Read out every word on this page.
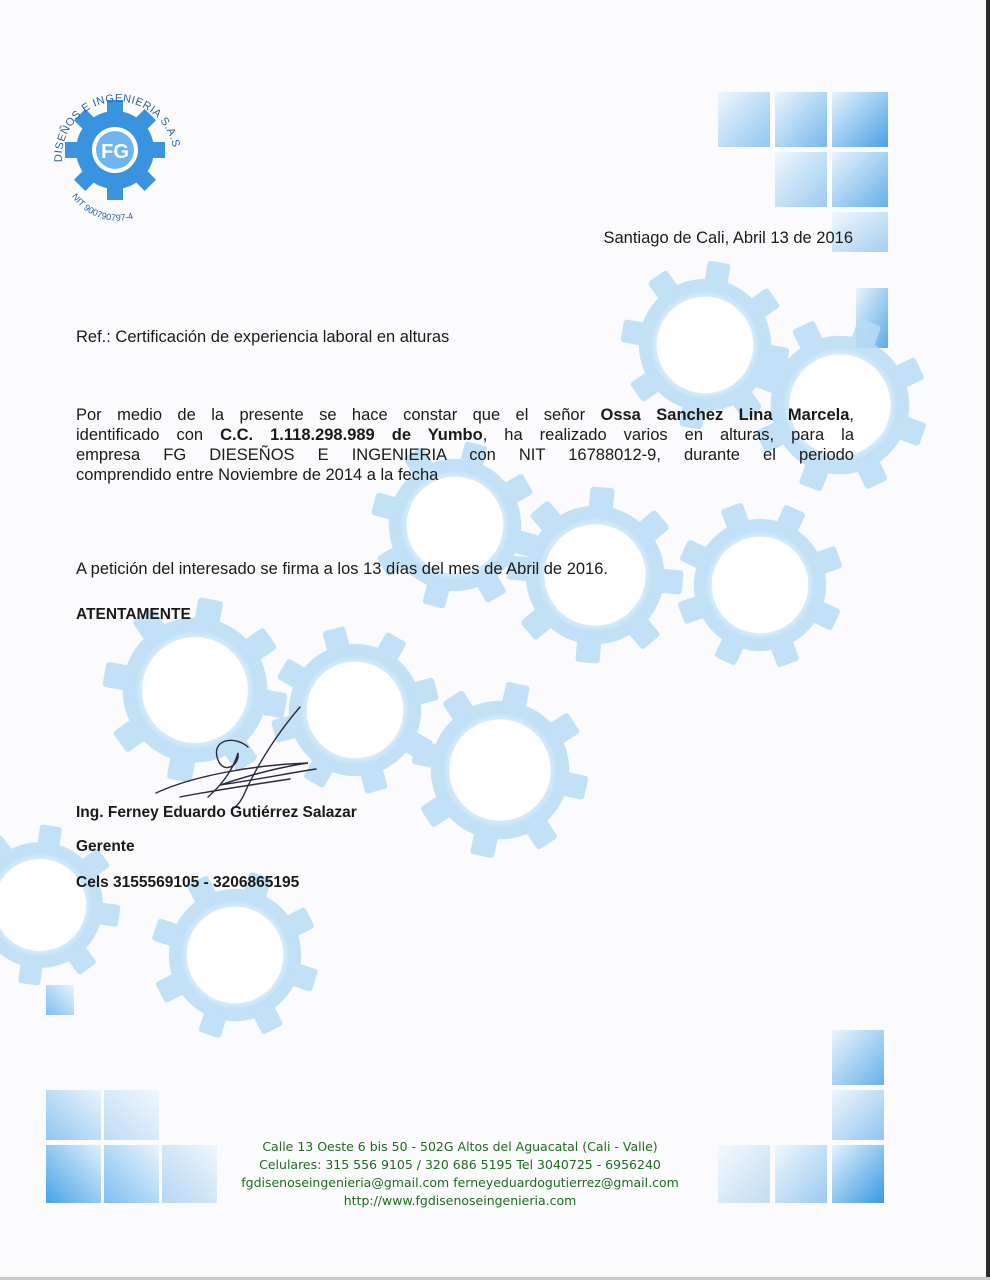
FG
DISEÑOS E INGENIERIA S.A.S
NIT 900790797-4
Santiago de Cali, Abril 13 de 2016
Ref.: Certificación de experiencia laboral en alturas
Por medio de la presente se hace constar que el señor Ossa Sanchez Lina Marcela,
identificado con C.C. 1.118.298.989 de Yumbo, ha realizado varios en alturas, para la
empresa FG DIESEÑOS E INGENIERIA con NIT 16788012-9, durante el periodo
comprendido entre Noviembre de 2014 a la fecha
A petición del interesado se firma a los 13 días del mes de Abril de 2016.
ATENTAMENTE
Ing. Ferney Eduardo Gutiérrez Salazar
Gerente
Cels 3155569105 - 3206865195
Calle 13 Oeste 6 bis 50 - 502G Altos del Aguacatal (Cali - Valle)
Celulares: 315 556 9105 / 320 686 5195 Tel 3040725 - 6956240
fgdisenoseingenieria@gmail.com ferneyeduardogutierrez@gmail.com
http://www.fgdisenoseingenieria.com
